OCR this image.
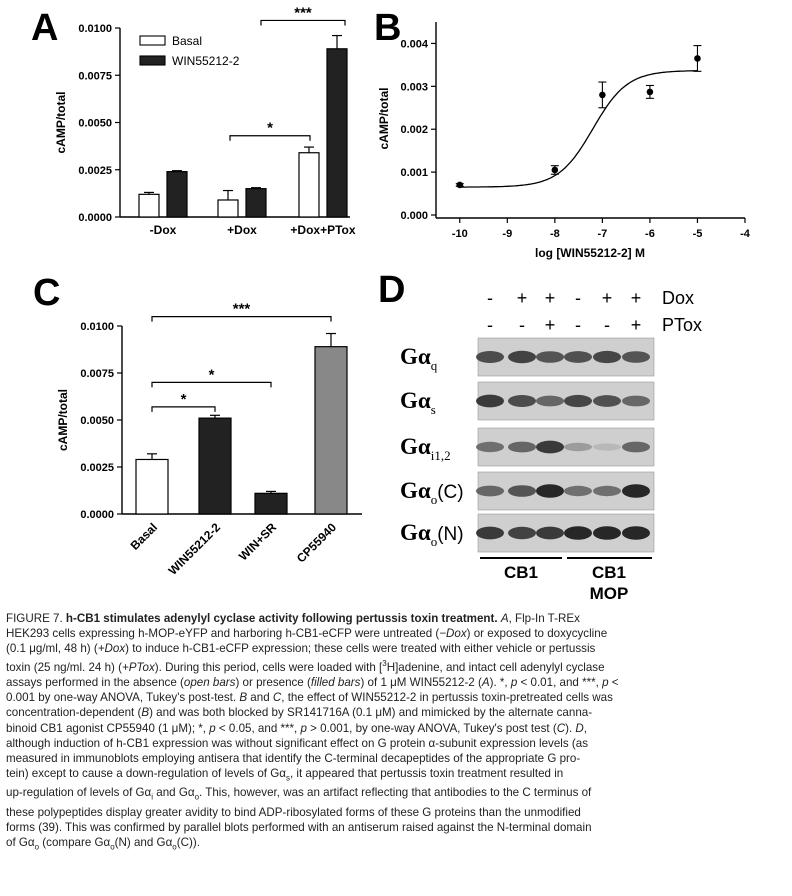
A	B
C	D
0.0000
0.0025
0.0050
0.0075
0.0100
cAMP/total
-Dox	+Dox	+Dox+PTox
Basal
WIN55212-2
***
*
0.000
0.001
0.002
0.003
0.004
-10	-9	-8	-7	-6	-5	-4
cAMP/total
log [WIN55212-2] M
0.0000
0.0025
0.0050
0.0075
0.0100
cAMP/total
Basal WIN55212-2 WIN+SR CP55940
***
*
*
- + + - + +
- - + - - +
Dox
PTox
$G\alpha_q$
$G\alpha_s$
$G\alpha_{i1,2}$
$G\alpha_o^{(C)}$
$G\alpha_o^{(N)}$
CB1	CB1
MOP
FIGURE 7. h-CB1 stimulates adenylyl cyclase activity following pertussis toxin treatment. A, Flp-In T-REx
HEK293 cells expressing h-MOP-eYFP and harboring h-CB1-eCFP were untreated (−Dox) or exposed to doxycycline
(0.1 μg/ml, 48 h) (+Dox) to induce h-CB1-eCFP expression; these cells were treated with either vehicle or pertussis
toxin (25 ng/ml. 24 h) (+PTox). During this period, cells were loaded with [$^3$H]adenine, and intact cell adenylyl cyclase
assays performed in the absence (open bars) or presence (filled bars) of 1 μM WIN55212-2 (A). *, p < 0.01, and ***, p <
0.001 by one-way ANOVA, Tukey's post-test. B and C, the effect of WIN55212-2 in pertussis toxin-pretreated cells was
concentration-dependent (B) and was both blocked by SR141716A (0.1 μM) and mimicked by the alternate canna-
binoid CB1 agonist CP55940 (1 μM); *, p < 0.05, and ***, p > 0.001, by one-way ANOVA, Tukey's post test (C). D,
although induction of h-CB1 expression was without significant effect on G protein α-subunit expression levels (as
measured in immunoblots employing antisera that identify the C-terminal decapeptides of the appropriate G pro-
tein) except to cause a down-regulation of levels of $G\alpha_s$, it appeared that pertussis toxin treatment resulted in
up-regulation of levels of $G\alpha_i$ and $G\alpha_o$. This, however, was an artifact reflecting that antibodies to the C terminus of
these polypeptides display greater avidity to bind ADP-ribosylated forms of these G proteins than the unmodified
forms (39). This was confirmed by parallel blots performed with an antiserum raised against the N-terminal domain
of $G\alpha_o$ (compare $G\alpha_o(N)$ and $G\alpha_o(C)$).
